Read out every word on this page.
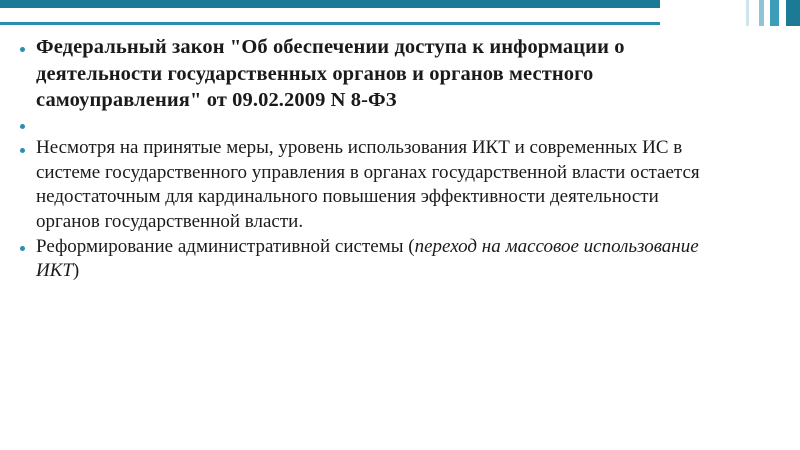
Федеральный закон "Об обеспечении доступа к информации о деятельности государственных органов и органов местного самоуправления" от 09.02.2009 N 8-ФЗ
Несмотря на принятые меры, уровень использования ИКТ и современных ИС в системе государственного управления в органах государственной власти остается недостаточным для кардинального повышения эффективности деятельности органов государственной власти.
Реформирование административной системы (переход на массовое использование ИКТ)
